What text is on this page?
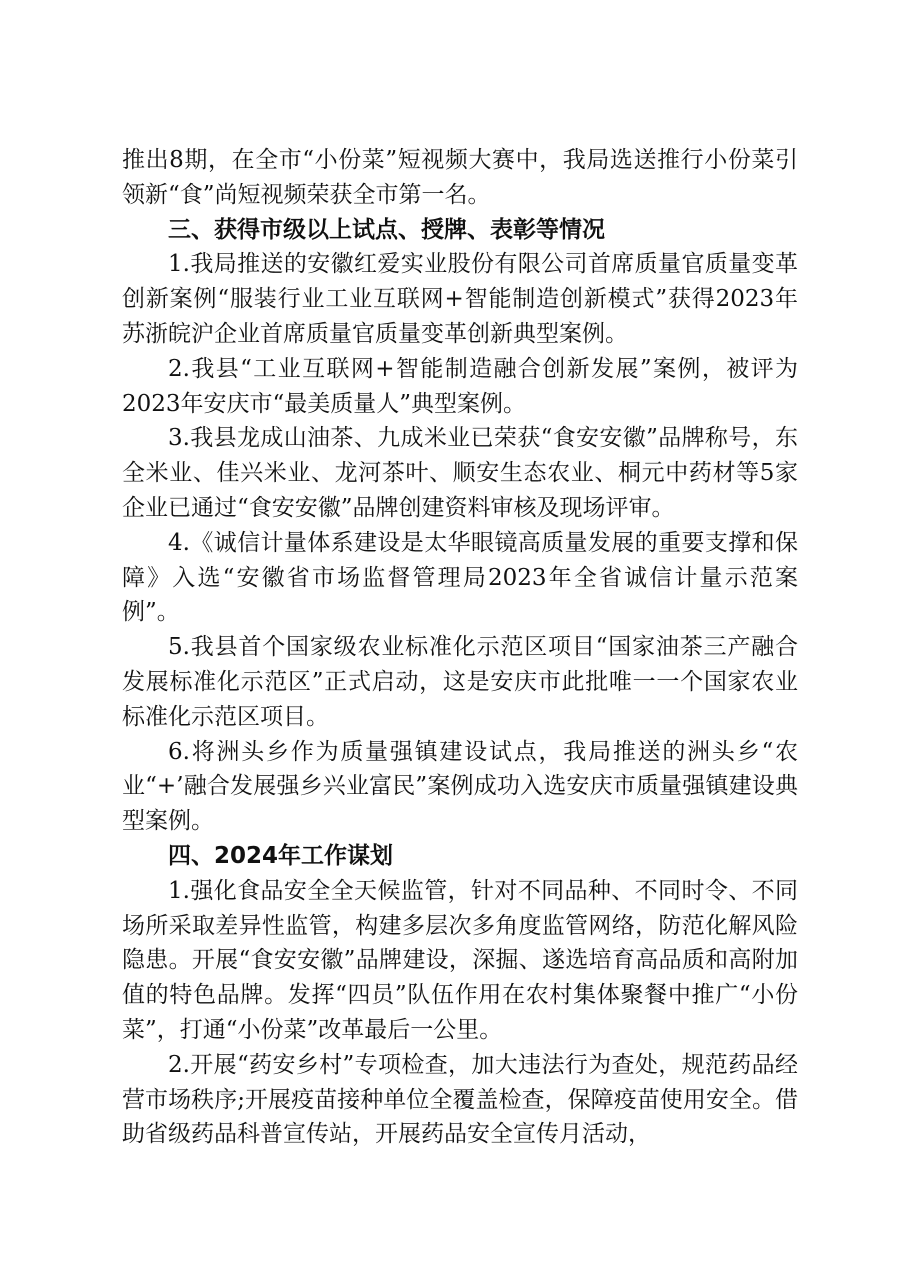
推出8期，在全市“小份菜”短视频大赛中，我局选送推行小份菜引领新“食”尚短视频荣获全市第一名。

三、获得市级以上试点、授牌、表彰等情况

1.我局推送的安徽红爱实业股份有限公司首席质量官质量变革创新案例“服装行业工业互联网+智能制造创新模式”获得2023年苏浙皖沪企业首席质量官质量变革创新典型案例。

2.我县“工业互联网+智能制造融合创新发展”案例，被评为2023年安庆市“最美质量人”典型案例。

3.我县龙成山油茶、九成米业已荣获“食安安徽”品牌称号，东全米业、佳兴米业、龙河茶叶、顺安生态农业、桐元中药材等5家企业已通过“食安安徽”品牌创建资料审核及现场评审。

4.《诚信计量体系建设是太华眼镜高质量发展的重要支撑和保障》入选“安徽省市场监督管理局2023年全省诚信计量示范案例”。

5.我县首个国家级农业标准化示范区项目“国家油茶三产融合发展标准化示范区”正式启动，这是安庆市此批唯一一个国家农业标准化示范区项目。

6.将洲头乡作为质量强镇建设试点，我局推送的洲头乡“农业“+’融合发展强乡兴业富民”案例成功入选安庆市质量强镇建设典型案例。

四、2024年工作谋划

1.强化食品安全全天候监管，针对不同品种、不同时令、不同场所采取差异性监管，构建多层次多角度监管网络，防范化解风险隐患。开展“食安安徽”品牌建设，深掘、遂选培育高品质和高附加值的特色品牌。发挥“四员”队伍作用在农村集体聚餐中推广“小份菜”，打通“小份菜”改革最后一公里。

2.开展“药安乡村”专项检查，加大违法行为查处，规范药品经营市场秩序;开展疫苗接种单位全覆盖检查，保障疫苗使用安全。借助省级药品科普宣传站，开展药品安全宣传月活动，
